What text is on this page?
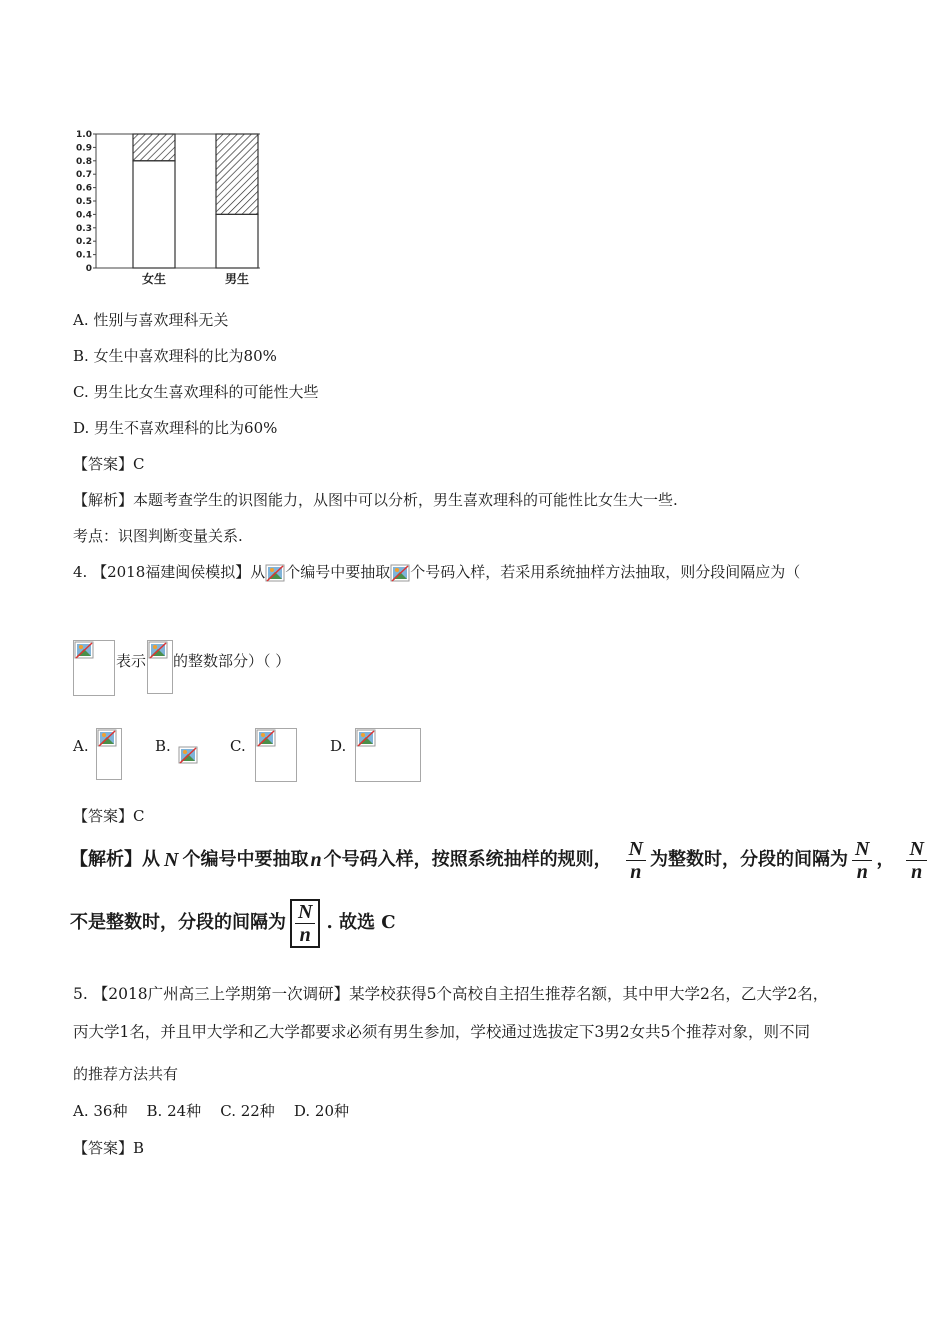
0
0.1
0.2
0.3
0.4
0.5
0.6
0.7
0.8
0.9
1.0
女生	男生
A. 性别与喜欢理科无关
B. 女生中喜欢理科的比为80%
C. 男生比女生喜欢理科的可能性大些
D. 男生不喜欢理科的比为60%
【答案】C
【解析】本题考查学生的识图能力，从图中可以分析，男生喜欢理科的可能性比女生大一些.
考点：识图判断变量关系.
4. 【2018福建闽侯模拟】从 个编号中要抽取 个号码入样，若采用系统抽样方法抽取，则分段间隔应为（
表示 的整数部分）（ ）
A.	B.	C.	D.
【答案】C
【解析】从 N 个编号中要抽取 n 个号码入样，按照系统抽样的规则， $\frac{N}{n}$ 为整数时，分段的间隔为 $\frac{N}{n}$ ， $\frac{N}{n}$
不是整数时，分段的间隔为 $\frac{N}{n}$ . 故选 C
5. 【2018广州高三上学期第一次调研】某学校获得5个高校自主招生推荐名额，其中甲大学2名，乙大学2名，
丙大学1名，并且甲大学和乙大学都要求必须有男生参加，学校通过选拔定下3男2女共5个推荐对象，则不同
的推荐方法共有
A. 36种    B. 24种    C. 22种    D. 20种
【答案】B
